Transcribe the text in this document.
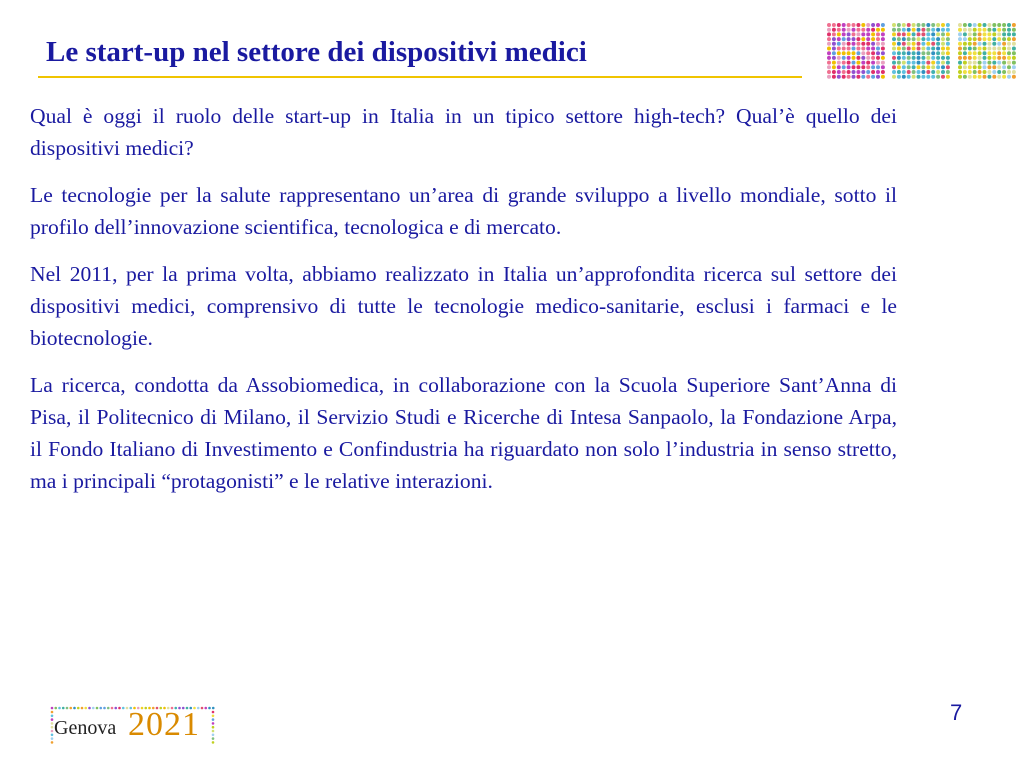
Le start-up nel settore dei dispositivi medici

Qual è oggi il ruolo delle start-up in Italia in un tipico settore high-tech? Qual’è quello dei dispositivi medici?

Le tecnologie per la salute rappresentano un’area di grande sviluppo a livello mondiale, sotto il profilo dell’innovazione scientifica, tecnologica e di mercato.

Nel 2011, per la prima volta, abbiamo realizzato in Italia un’approfondita ricerca sul settore dei dispositivi medici, comprensivo di tutte le tecnologie medico-sanitarie, esclusi i farmaci e le biotecnologie.

La ricerca, condotta da Assobiomedica, in collaborazione con la Scuola Superiore Sant’Anna di Pisa, il Politecnico di Milano, il Servizio Studi e Ricerche di Intesa Sanpaolo, la Fondazione Arpa, il Fondo Italiano di Investimento e Confindustria ha riguardato non solo l’industria in senso stretto, ma i principali “protagonisti” e le relative interazioni.

Genova 2021	7
